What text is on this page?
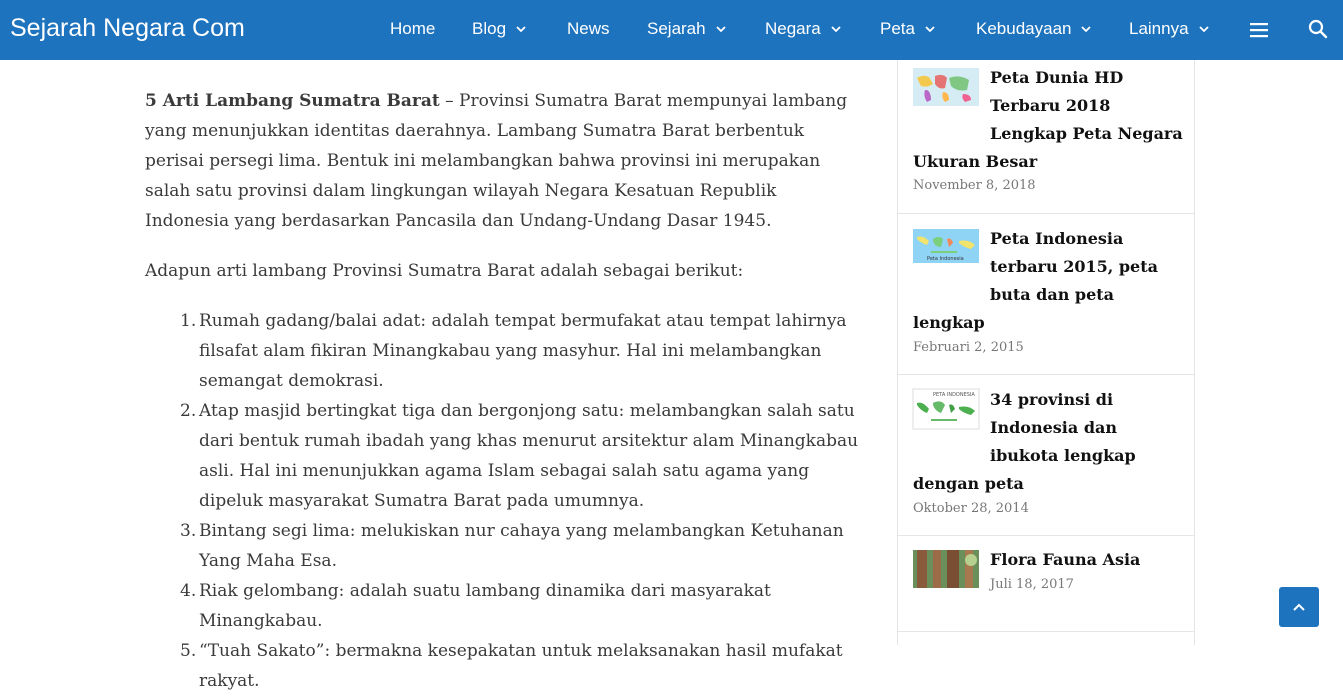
Sejarah Negara Com	Home Blog	News Sejarah	Negara	Peta	Kebudayaan	Lainnya

5 Arti Lambang Sumatra Barat – Provinsi Sumatra Barat mempunyai lambang yang menunjukkan identitas daerahnya. Lambang Sumatra Barat berbentuk perisai persegi lima. Bentuk ini melambangkan bahwa provinsi ini merupakan salah satu provinsi dalam lingkungan wilayah Negara Kesatuan Republik Indonesia yang berdasarkan Pancasila dan Undang-Undang Dasar 1945.

Adapun arti lambang Provinsi Sumatra Barat adalah sebagai berikut:

1. Rumah gadang/balai adat: adalah tempat bermufakat atau tempat lahirnya filsafat alam fikiran Minangkabau yang masyhur. Hal ini melambangkan semangat demokrasi.
2. Atap masjid bertingkat tiga dan bergonjong satu: melambangkan salah satu dari bentuk rumah ibadah yang khas menurut arsitektur alam Minangkabau asli. Hal ini menunjukkan agama Islam sebagai salah satu agama yang dipeluk masyarakat Sumatra Barat pada umumnya.
3. Bintang segi lima: melukiskan nur cahaya yang melambangkan Ketuhanan Yang Maha Esa.
4. Riak gelombang: adalah suatu lambang dinamika dari masyarakat Minangkabau.
5. “Tuah Sakato”: bermakna kesepakatan untuk melaksanakan hasil mufakat rakyat.
Peta Dunia HD
Terbaru 2018
Lengkap Peta Negara
Ukuran Besar
November 8, 2018
Peta Indonesia
Peta Indonesia
terbaru 2015, peta
buta dan peta
lengkap
Februari 2, 2015
PETA INDONESIA 34 provinsi di
Indonesia dan
ibukota lengkap
dengan peta
Oktober 28, 2014
Flora Fauna Asia
Juli 18, 2017
